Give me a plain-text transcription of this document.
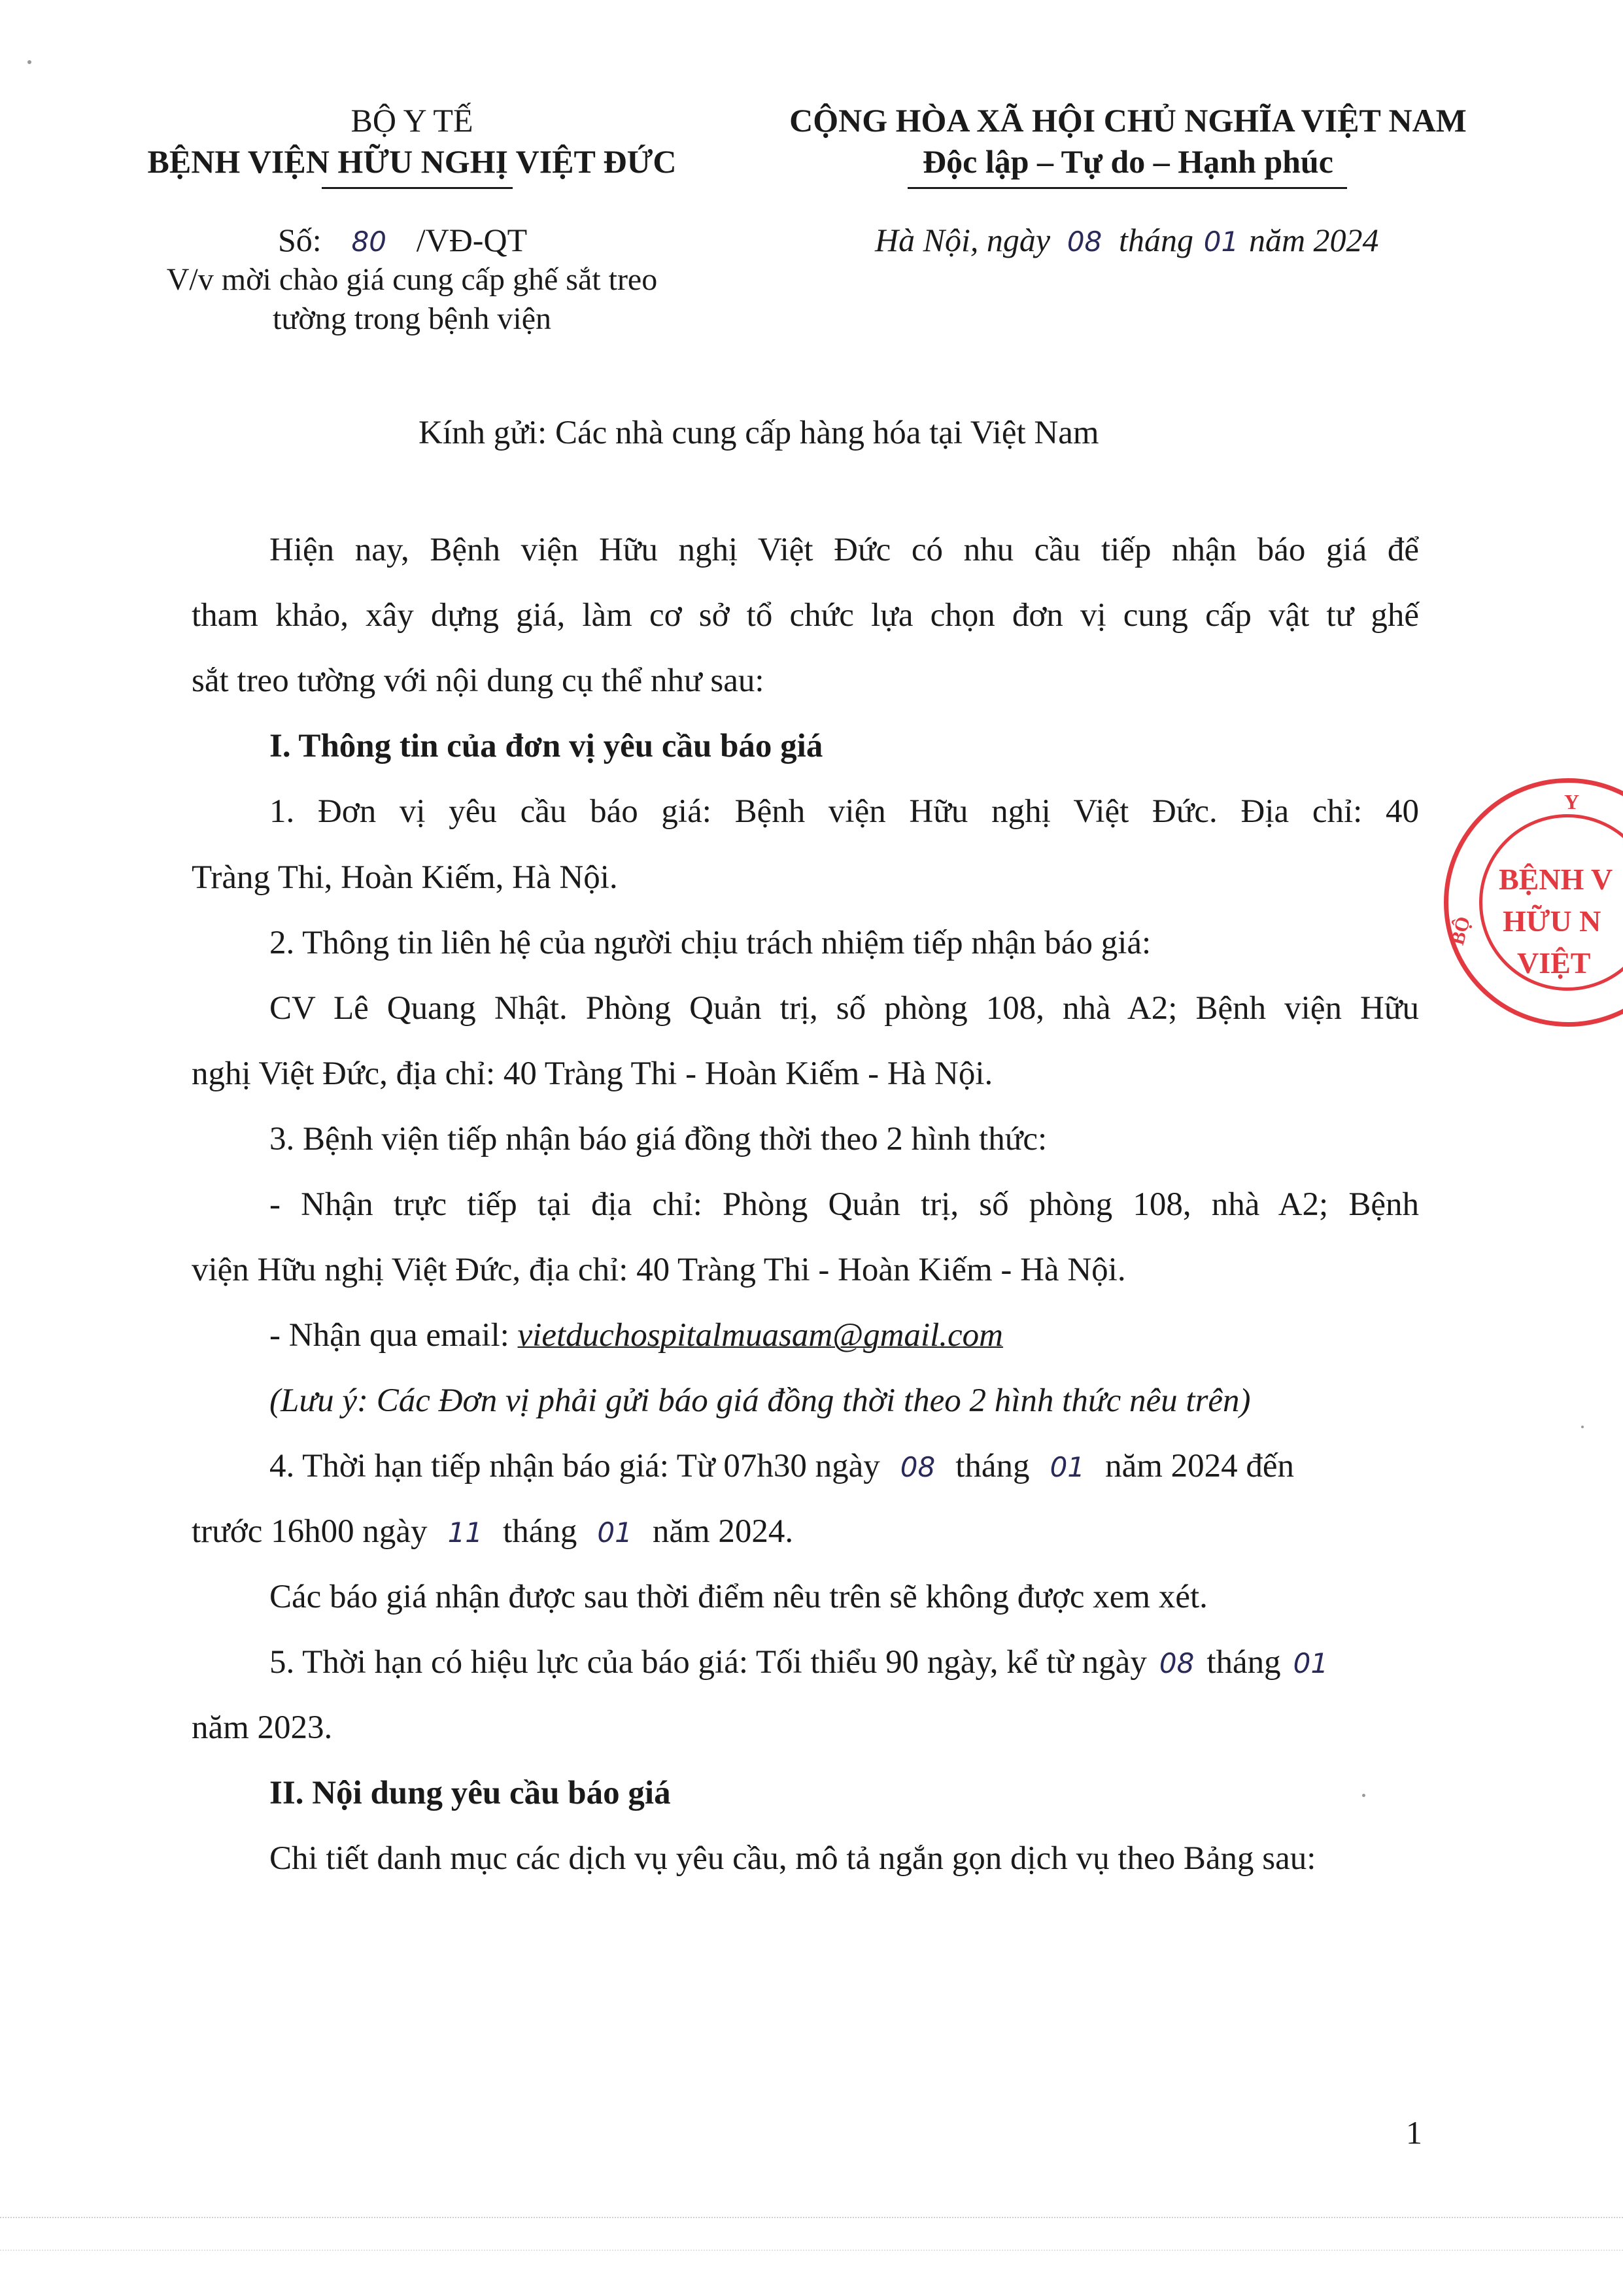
BỘ Y TẾ
BỆNH VIỆN HỮU NGHỊ VIỆT ĐỨC
CỘNG HÒA XÃ HỘI CHỦ NGHĨA VIỆT NAM
Độc lập – Tự do – Hạnh phúc
Số: 80 /VĐ-QT
V/v mời chào giá cung cấp ghế sắt treo
tường trong bệnh viện
Hà Nội, ngày 08 tháng 01 năm 2024
Kính gửi: Các nhà cung cấp hàng hóa tại Việt Nam
Hiện nay, Bệnh viện Hữu nghị Việt Đức có nhu cầu tiếp nhận báo giá để
tham khảo, xây dựng giá, làm cơ sở tổ chức lựa chọn đơn vị cung cấp vật tư ghế
sắt treo tường với nội dung cụ thể như sau:
I. Thông tin của đơn vị yêu cầu báo giá
1. Đơn vị yêu cầu báo giá: Bệnh viện Hữu nghị Việt Đức. Địa chỉ: 40
Tràng Thi, Hoàn Kiếm, Hà Nội.
2. Thông tin liên hệ của người chịu trách nhiệm tiếp nhận báo giá:
CV Lê Quang Nhật. Phòng Quản trị, số phòng 108, nhà A2; Bệnh viện Hữu
nghị Việt Đức, địa chỉ: 40 Tràng Thi - Hoàn Kiếm - Hà Nội.
3. Bệnh viện tiếp nhận báo giá đồng thời theo 2 hình thức:
- Nhận trực tiếp tại địa chỉ: Phòng Quản trị, số phòng 108, nhà A2; Bệnh
viện Hữu nghị Việt Đức, địa chỉ: 40 Tràng Thi - Hoàn Kiếm - Hà Nội.
- Nhận qua email: vietduchospitalmuasam@gmail.com
(Lưu ý: Các Đơn vị phải gửi báo giá đồng thời theo 2 hình thức nêu trên)
4. Thời hạn tiếp nhận báo giá: Từ 07h30 ngày 08 tháng 01 năm 2024 đến
trước 16h00 ngày 11 tháng 01 năm 2024.
Các báo giá nhận được sau thời điểm nêu trên sẽ không được xem xét.
5. Thời hạn có hiệu lực của báo giá: Tối thiểu 90 ngày, kể từ ngày 08 tháng 01
năm 2023.
II. Nội dung yêu cầu báo giá
Chi tiết danh mục các dịch vụ yêu cầu, mô tả ngắn gọn dịch vụ theo Bảng sau:
1
Y
BỆNH V
HỮU N
VIỆT
BỘ
